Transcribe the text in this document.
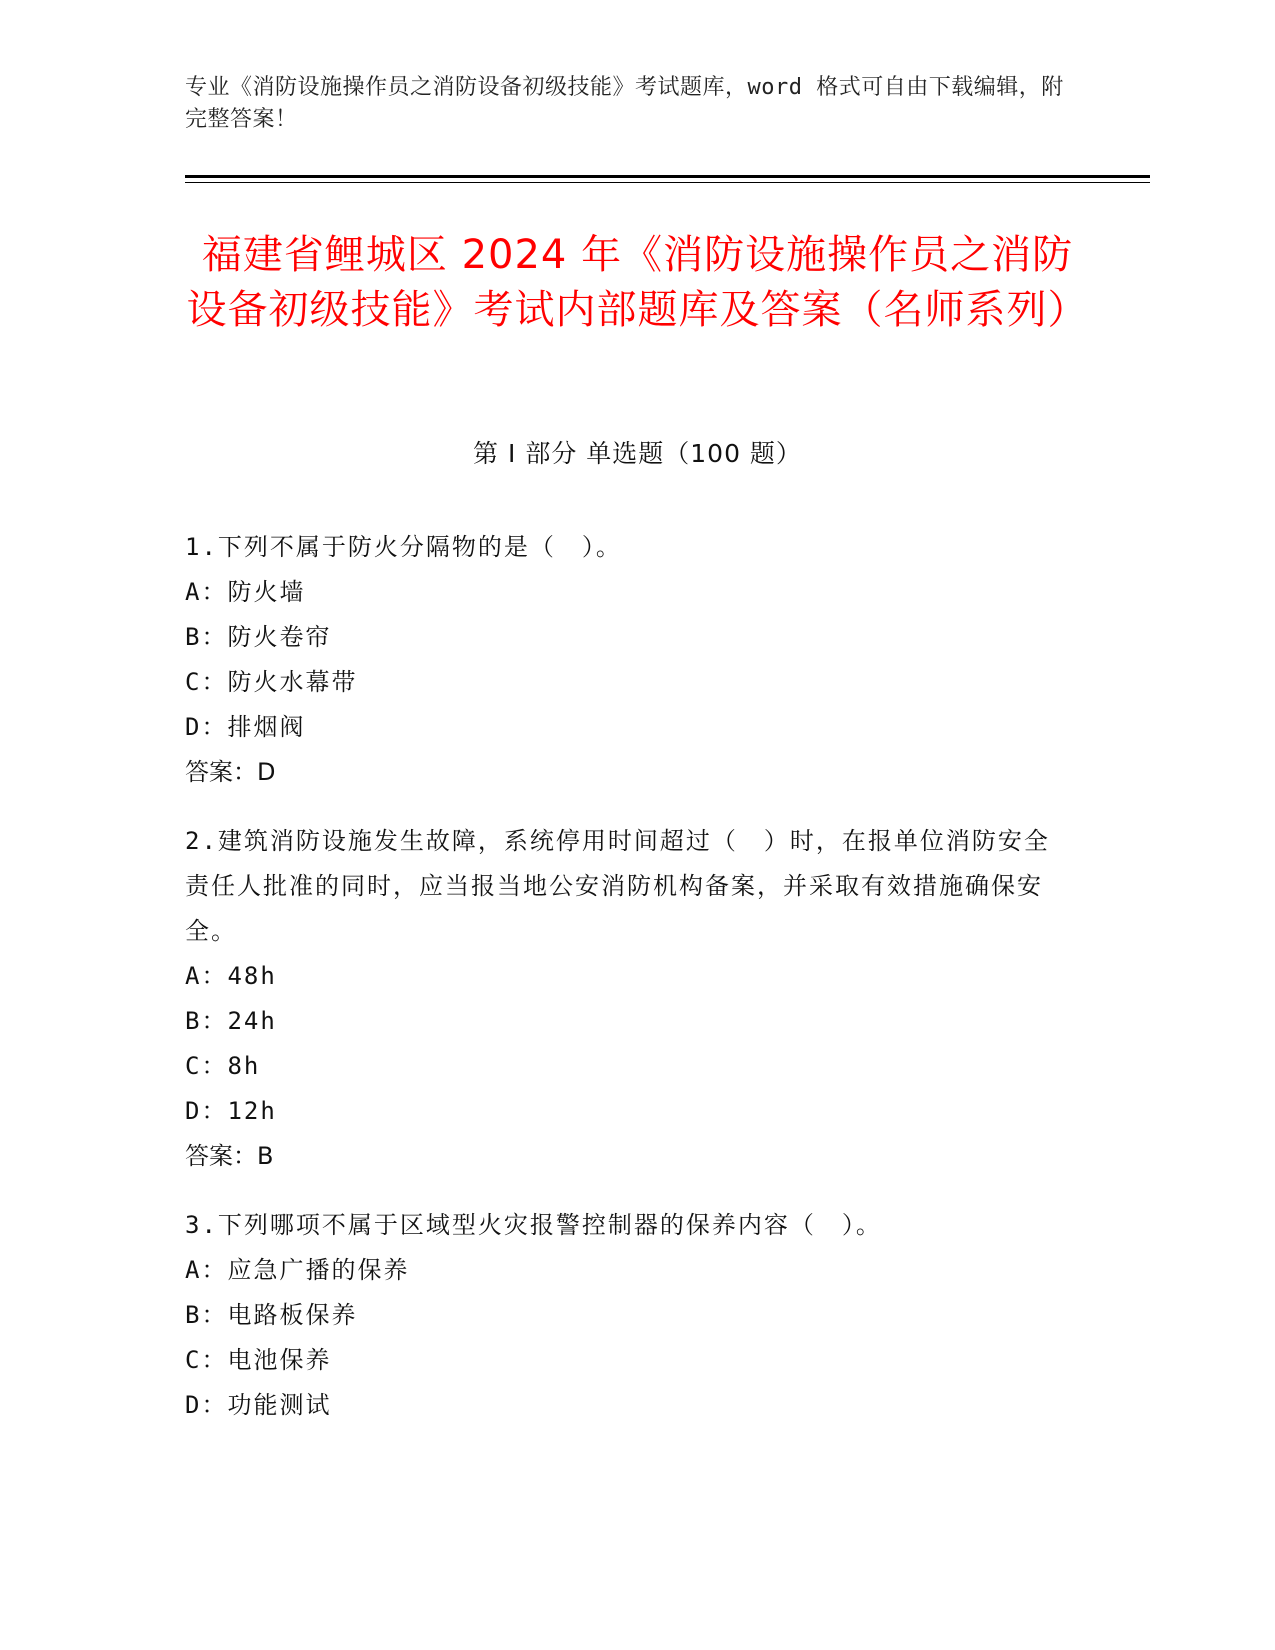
专业《消防设施操作员之消防设备初级技能》考试题库，word 格式可自由下载编辑，附完整答案！
福建省鲤城区 2024 年《消防设施操作员之消防设备初级技能》考试内部题库及答案（名师系列）
第 I 部分 单选题（100 题）

1.下列不属于防火分隔物的是（　）。

A：防火墙

B：防火卷帘

C：防火水幕带

D：排烟阀

答案：D

2.建筑消防设施发生故障，系统停用时间超过（　）时，在报单位消防安全责任人批准的同时，应当报当地公安消防机构备案，并采取有效措施确保安全。

A：48h

B：24h

C：8h

D：12h

答案：B

3.下列哪项不属于区域型火灾报警控制器的保养内容（　）。

A：应急广播的保养

B：电路板保养

C：电池保养

D：功能测试
